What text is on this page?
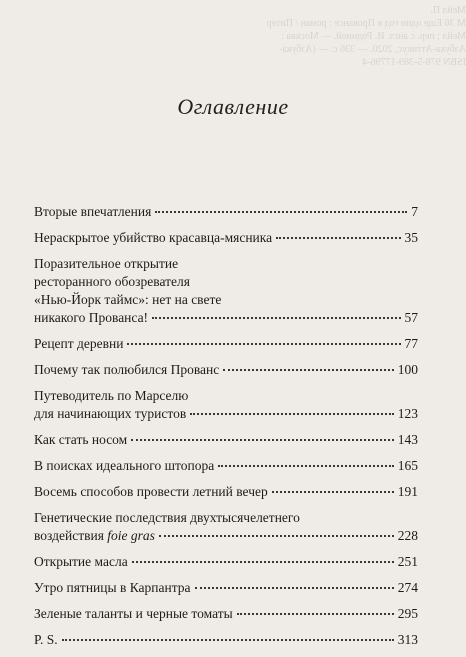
Мейл П.
М 36 Еще один год в Провансе : роман / Питер
Мейл ; пер. с англ. И. Родиной. — Москва :
Азбука-Аттикус, 2020. — 336 с. — (Азбука-
ISBN 978-5-389-17796-4
Оглавление
Вторые впечатления	7
Нераскрытое убийство красавца-мясника	35
Поразительное открытие
ресторанного обозревателя
«Нью-Йорк таймс»: нет на свете
никакого Прованса!	57
Рецепт деревни	77
Почему так полюбился Прованс	100
Путеводитель по Марселю
для начинающих туристов	123
Как стать носом	143
В поисках идеального штопора	165
Восемь способов провести летний вечер	191
Генетические последствия двухтысячелетнего
воздействия foie gras	228
Открытие масла	251
Утро пятницы в Карпантра	274
Зеленые таланты и черные томаты	295
P. S.	313
